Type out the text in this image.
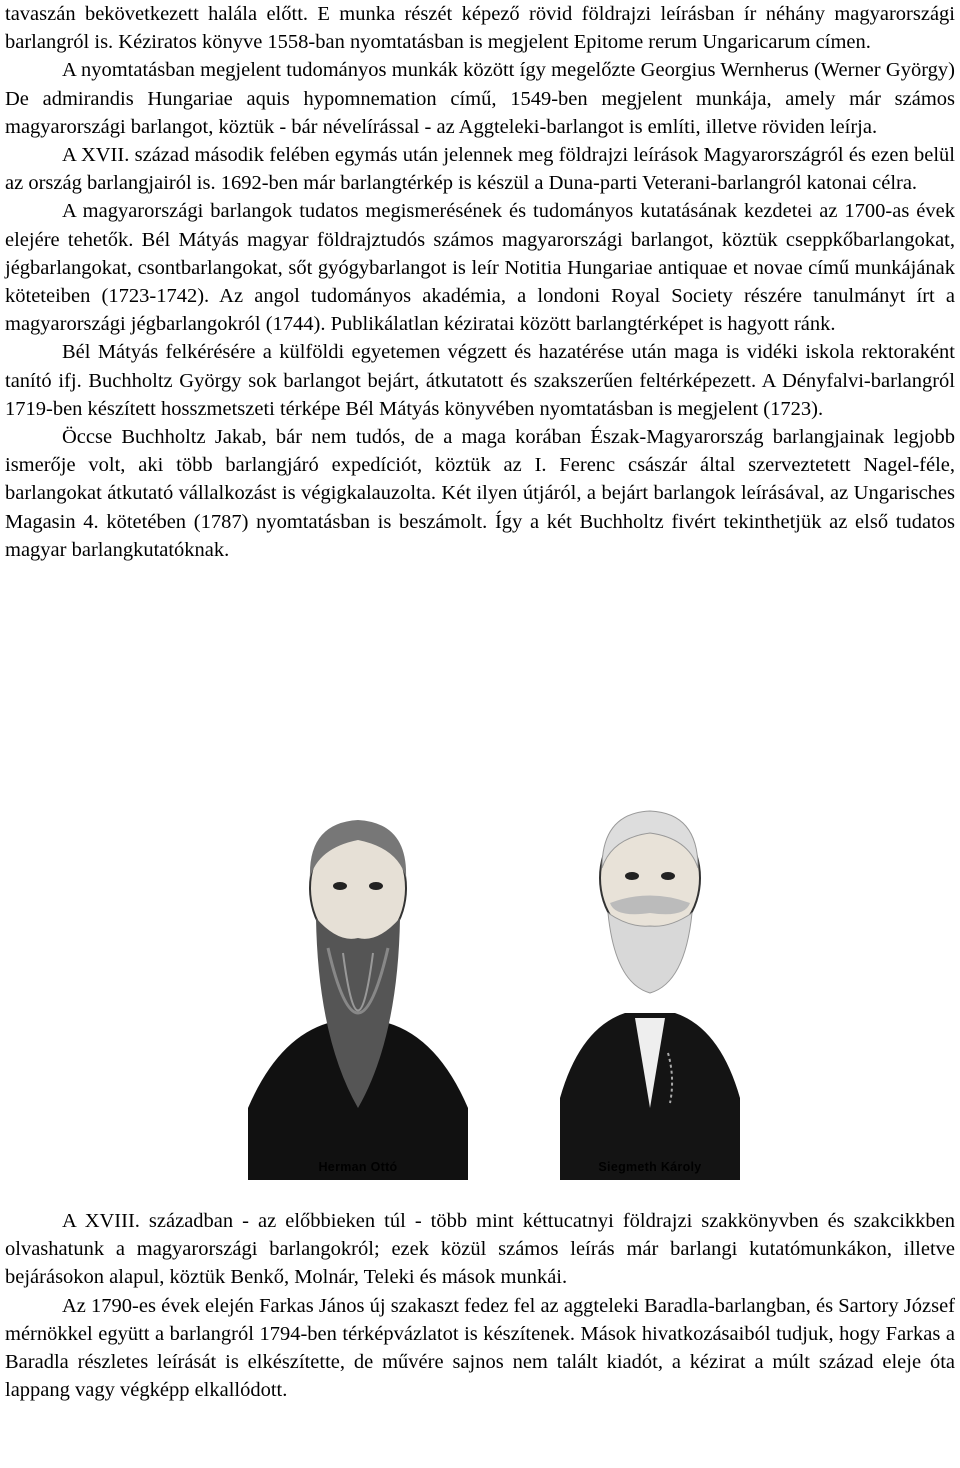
tavaszán bekövetkezett halála előtt. E munka részét képező rövid földrajzi leírásban ír néhány magyarországi barlangról is. Kéziratos könyve 1558-ban nyomtatásban is megjelent Epitome rerum Ungaricarum címen.

A nyomtatásban megjelent tudományos munkák között így megelőzte Georgius Wernherus (Werner György) De admirandis Hungariae aquis hypomnemation című, 1549-ben megjelent munkája, amely már számos magyarországi barlangot, köztük - bár névelírással - az Aggteleki-barlangot is említi, illetve röviden leírja.

A XVII. század második felében egymás után jelennek meg földrajzi leírások Magyarországról és ezen belül az ország barlangjairól is. 1692-ben már barlangtérkép is készül a Duna-parti Veterani-barlangról katonai célra.

A magyarországi barlangok tudatos megismerésének és tudományos kutatásának kezdetei az 1700-as évek elejére tehetők. Bél Mátyás magyar földrajztudós számos magyarországi barlangot, köztük cseppkőbarlangokat, jégbarlangokat, csontbarlangokat, sőt gyógybarlangot is leír Notitia Hungariae antiquae et novae című munkájának köteteiben (1723-1742). Az angol tudományos akadémia, a londoni Royal Society részére tanulmányt írt a magyarországi jégbarlangokról (1744). Publikálatlan kéziratai között barlangtérképet is hagyott ránk.

Bél Mátyás felkérésére a külföldi egyetemen végzett és hazatérése után maga is vidéki iskola rektoraként tanító ifj. Buchholtz György sok barlangot bejárt, átkutatott és szakszerűen feltérképezett. A Dényfalvi-barlangról 1719-ben készített hosszmetszeti térképe Bél Mátyás könyvében nyomtatásban is megjelent (1723).

Öccse Buchholtz Jakab, bár nem tudós, de a maga korában Észak-Magyarország barlangjainak legjobb ismerője volt, aki több barlangjáró expedíciót, köztük az I. Ferenc császár által szerveztetett Nagel-féle, barlangokat átkutató vállalkozást is végigkalauzolta. Két ilyen útjáról, a bejárt barlangok leírásával, az Ungarisches Magasin 4. kötetében (1787) nyomtatásban is beszámolt. Így a két Buchholtz fivért tekinthetjük az első tudatos magyar barlangkutatóknak.

Herman Ottó	Siegmeth Károly

A XVIII. században - az előbbieken túl - több mint kéttucatnyi földrajzi szakkönyvben és szakcikkben olvashatunk a magyarországi barlangokról; ezek közül számos leírás már barlangi kutatómunkákon, illetve bejárásokon alapul, köztük Benkő, Molnár, Teleki és mások munkái.

Az 1790-es évek elején Farkas János új szakaszt fedez fel az aggteleki Baradla-barlangban, és Sartory József mérnökkel együtt a barlangról 1794-ben térképvázlatot is készítenek. Mások hivatkozásaiból tudjuk, hogy Farkas a Baradla részletes leírását is elkészítette, de művére sajnos nem talált kiadót, a kézirat a múlt század eleje óta lappang vagy végképp elkallódott.
